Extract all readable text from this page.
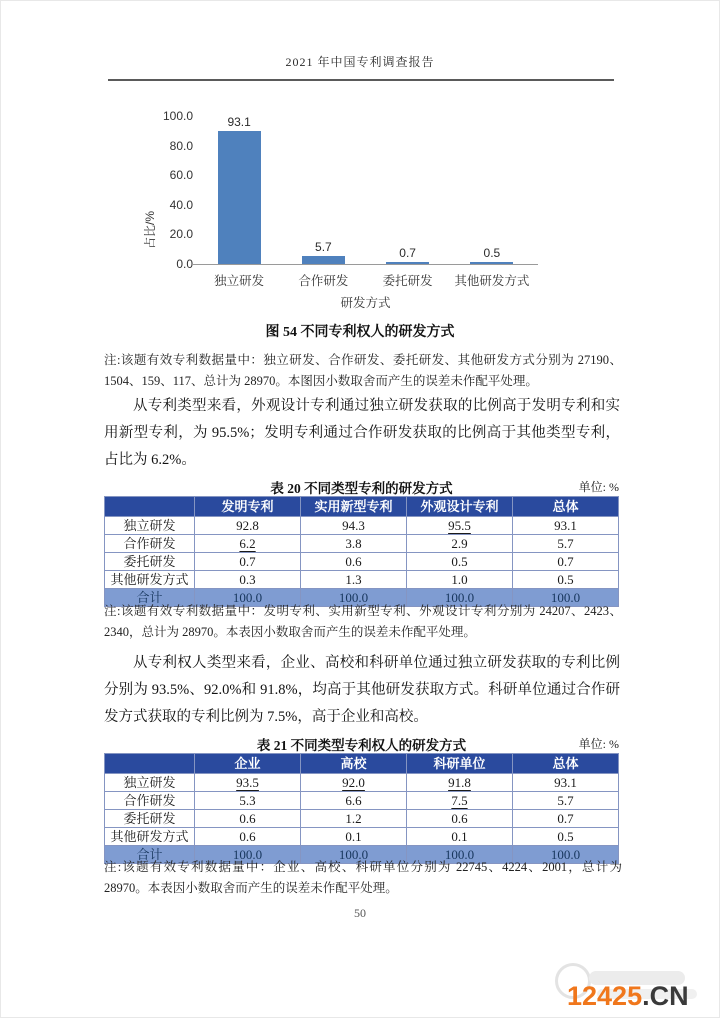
2021 年中国专利调查报告
占比/%
100.0
80.0
60.0
40.0
20.0
0.0
93.1
5.7	0.7	0.5
独立研发	合作研发	委托研发	其他研发方式
研发方式
图 54 不同专利权人的研发方式
注:该题有效专利数据量中：独立研发、合作研发、委托研发、其他研发方式分别为 27190、1504、159、117、总计为 28970。本图因小数取舍而产生的误差未作配平处理。
从专利类型来看，外观设计专利通过独立研发获取的比例高于发明专利和实用新型专利，为 95.5%；发明专利通过合作研发获取的比例高于其他类型专利，占比为 6.2%。
表 20 不同类型专利的研发方式	单位: %
	发明专利	实用新型专利	外观设计专利	总体
独立研发	92.8	94.3	95.5	93.1
合作研发	6.2	3.8	2.9	5.7
委托研发	0.7	0.6	0.5	0.7
其他研发方式	0.3	1.3	1.0	0.5
合计	100.0	100.0	100.0	100.0
注:该题有效专利数据量中：发明专利、实用新型专利、外观设计专利分别为 24207、2423、2340，总计为 28970。本表因小数取舍而产生的误差未作配平处理。
从专利权人类型来看，企业、高校和科研单位通过独立研发获取的专利比例分别为 93.5%、92.0%和 91.8%，均高于其他研发获取方式。科研单位通过合作研发方式获取的专利比例为 7.5%，高于企业和高校。
表 21 不同类型专利权人的研发方式	单位: %
	企业	高校	科研单位	总体
独立研发	93.5	92.0	91.8	93.1
合作研发	5.3	6.6	7.5	5.7
委托研发	0.6	1.2	0.6	0.7
其他研发方式	0.6	0.1	0.1	0.5
合计	100.0	100.0	100.0	100.0
注:该题有效专利数据量中：企业、高校、科研单位分别为 22745、4224、2001，总计为 28970。本表因小数取舍而产生的误差未作配平处理。
50
12425.CN
